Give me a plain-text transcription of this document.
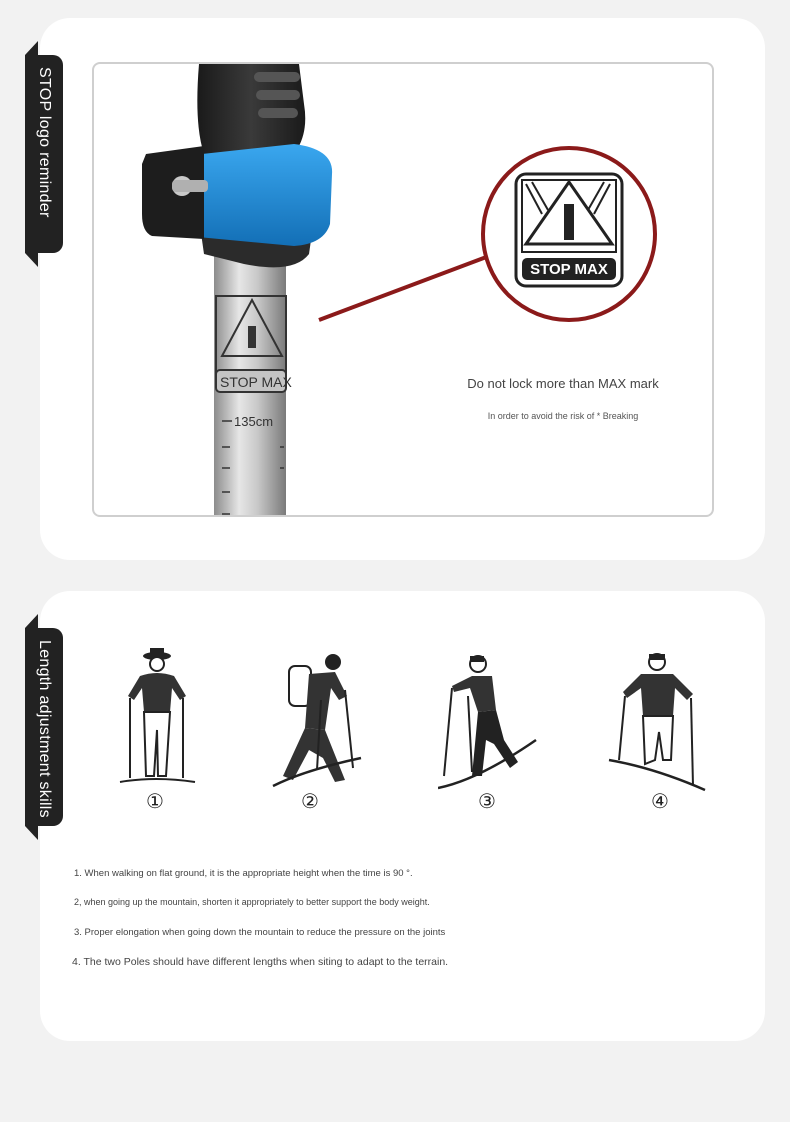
STOP logo reminder
STOP MAX
135cm
STOP MAX
Do not lock more than MAX mark
In order to avoid the risk of * Breaking
Length adjustment skills	①	②	③	④
1. When walking on flat ground, it is the appropriate height when the time is 90 °.
2, when going up the mountain, shorten it appropriately to better support the body weight.
3. Proper elongation when going down the mountain to reduce the pressure on the joints
4. The two Poles should have different lengths when siting to adapt to the terrain.
